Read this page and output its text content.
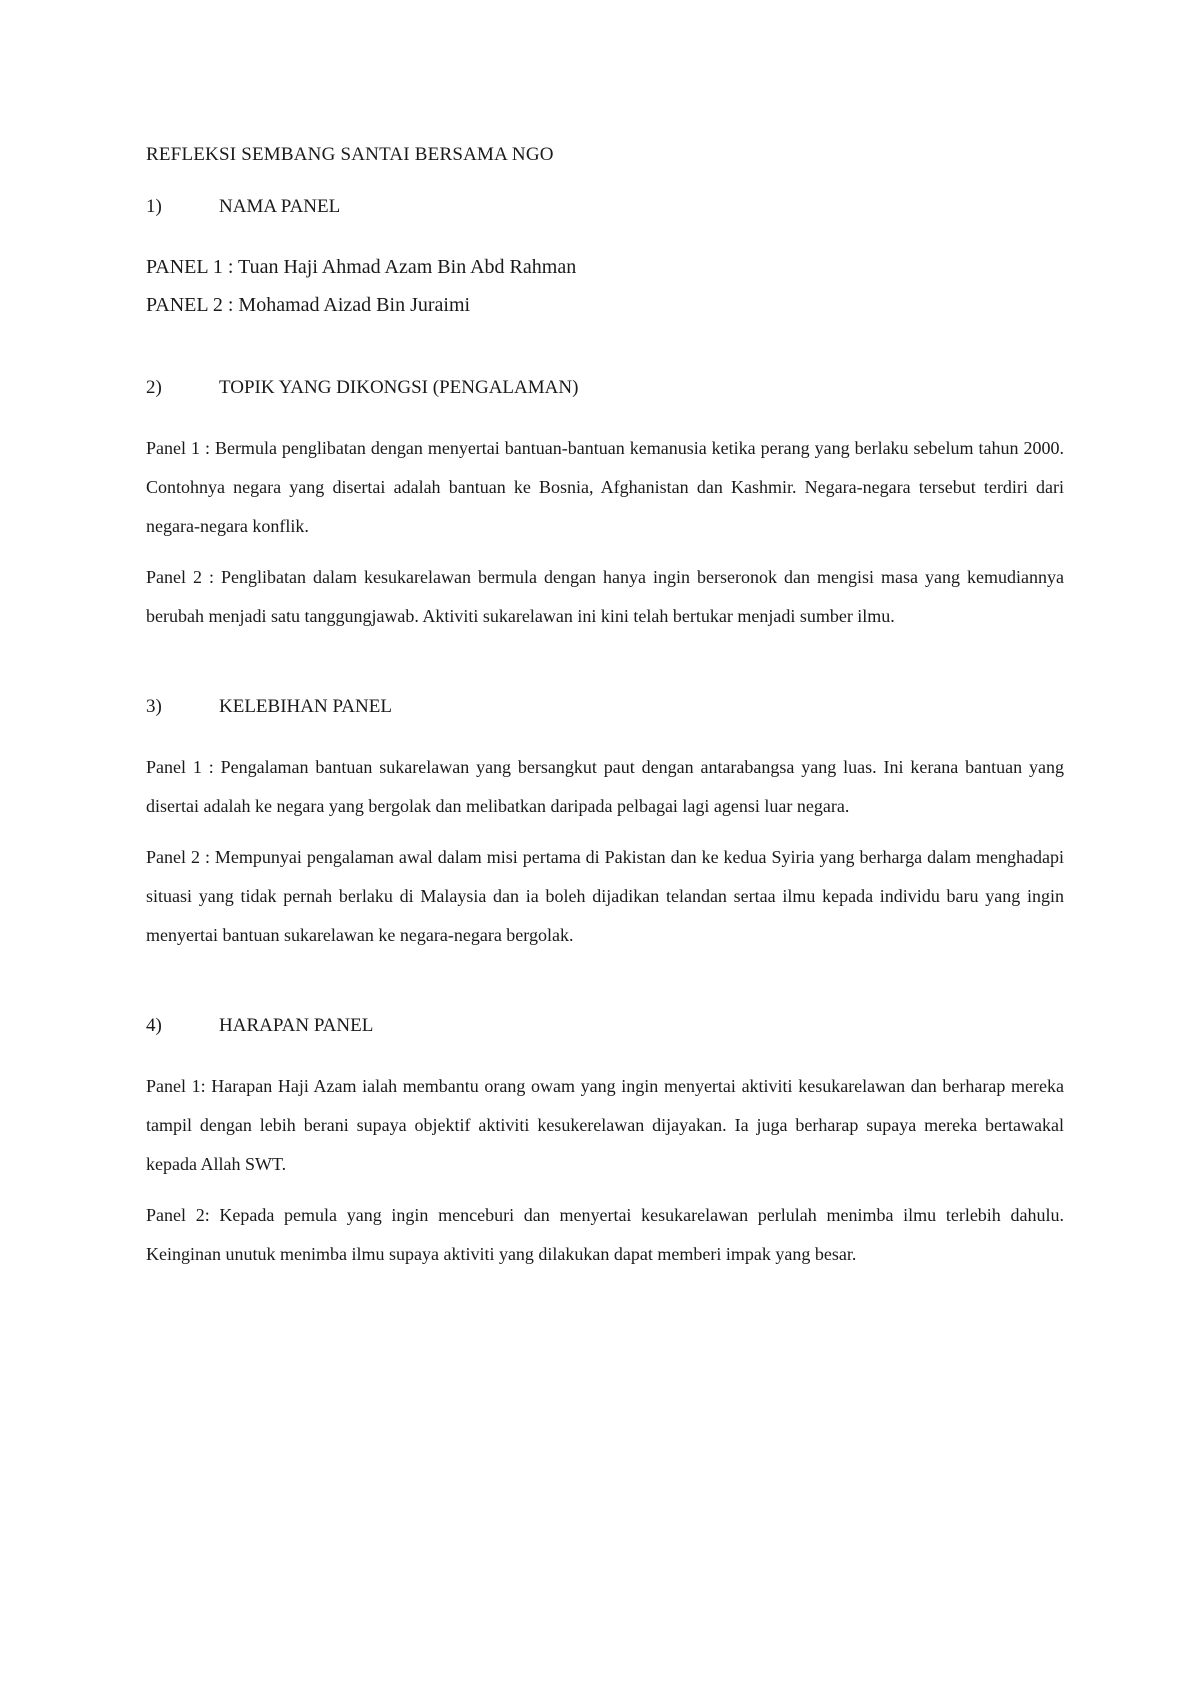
REFLEKSI SEMBANG SANTAI BERSAMA NGO

1)	NAMA PANEL

PANEL 1 : Tuan Haji Ahmad Azam Bin Abd Rahman

PANEL 2 : Mohamad Aizad Bin Juraimi

2)	TOPIK YANG DIKONGSI (PENGALAMAN)

Panel 1 : Bermula penglibatan dengan menyertai bantuan-bantuan kemanusia ketika perang yang berlaku sebelum tahun 2000. Contohnya negara yang disertai adalah bantuan ke Bosnia, Afghanistan dan Kashmir. Negara-negara tersebut terdiri dari negara-negara konflik.

Panel 2 : Penglibatan dalam kesukarelawan bermula dengan hanya ingin berseronok dan mengisi masa yang kemudiannya berubah menjadi satu tanggungjawab. Aktiviti sukarelawan ini kini telah bertukar menjadi sumber ilmu.

3)	KELEBIHAN PANEL

Panel 1 : Pengalaman bantuan sukarelawan yang bersangkut paut dengan antarabangsa yang luas. Ini kerana bantuan yang disertai adalah ke negara yang bergolak dan melibatkan daripada pelbagai lagi agensi luar negara.

Panel 2 : Mempunyai pengalaman awal dalam misi pertama di Pakistan dan ke kedua Syiria yang berharga dalam menghadapi situasi yang tidak pernah berlaku di Malaysia dan ia boleh dijadikan telandan sertaa ilmu kepada individu baru yang ingin menyertai bantuan sukarelawan ke negara-negara bergolak.

4)	HARAPAN PANEL

Panel 1: Harapan Haji Azam ialah membantu orang owam yang ingin menyertai aktiviti kesukarelawan dan berharap mereka tampil dengan lebih berani supaya objektif aktiviti kesukerelawan dijayakan. Ia juga berharap supaya mereka bertawakal kepada Allah SWT.

Panel 2: Kepada pemula yang ingin menceburi dan menyertai kesukarelawan perlulah menimba ilmu terlebih dahulu. Keinginan unutuk menimba ilmu supaya aktiviti yang dilakukan dapat memberi impak yang besar.
